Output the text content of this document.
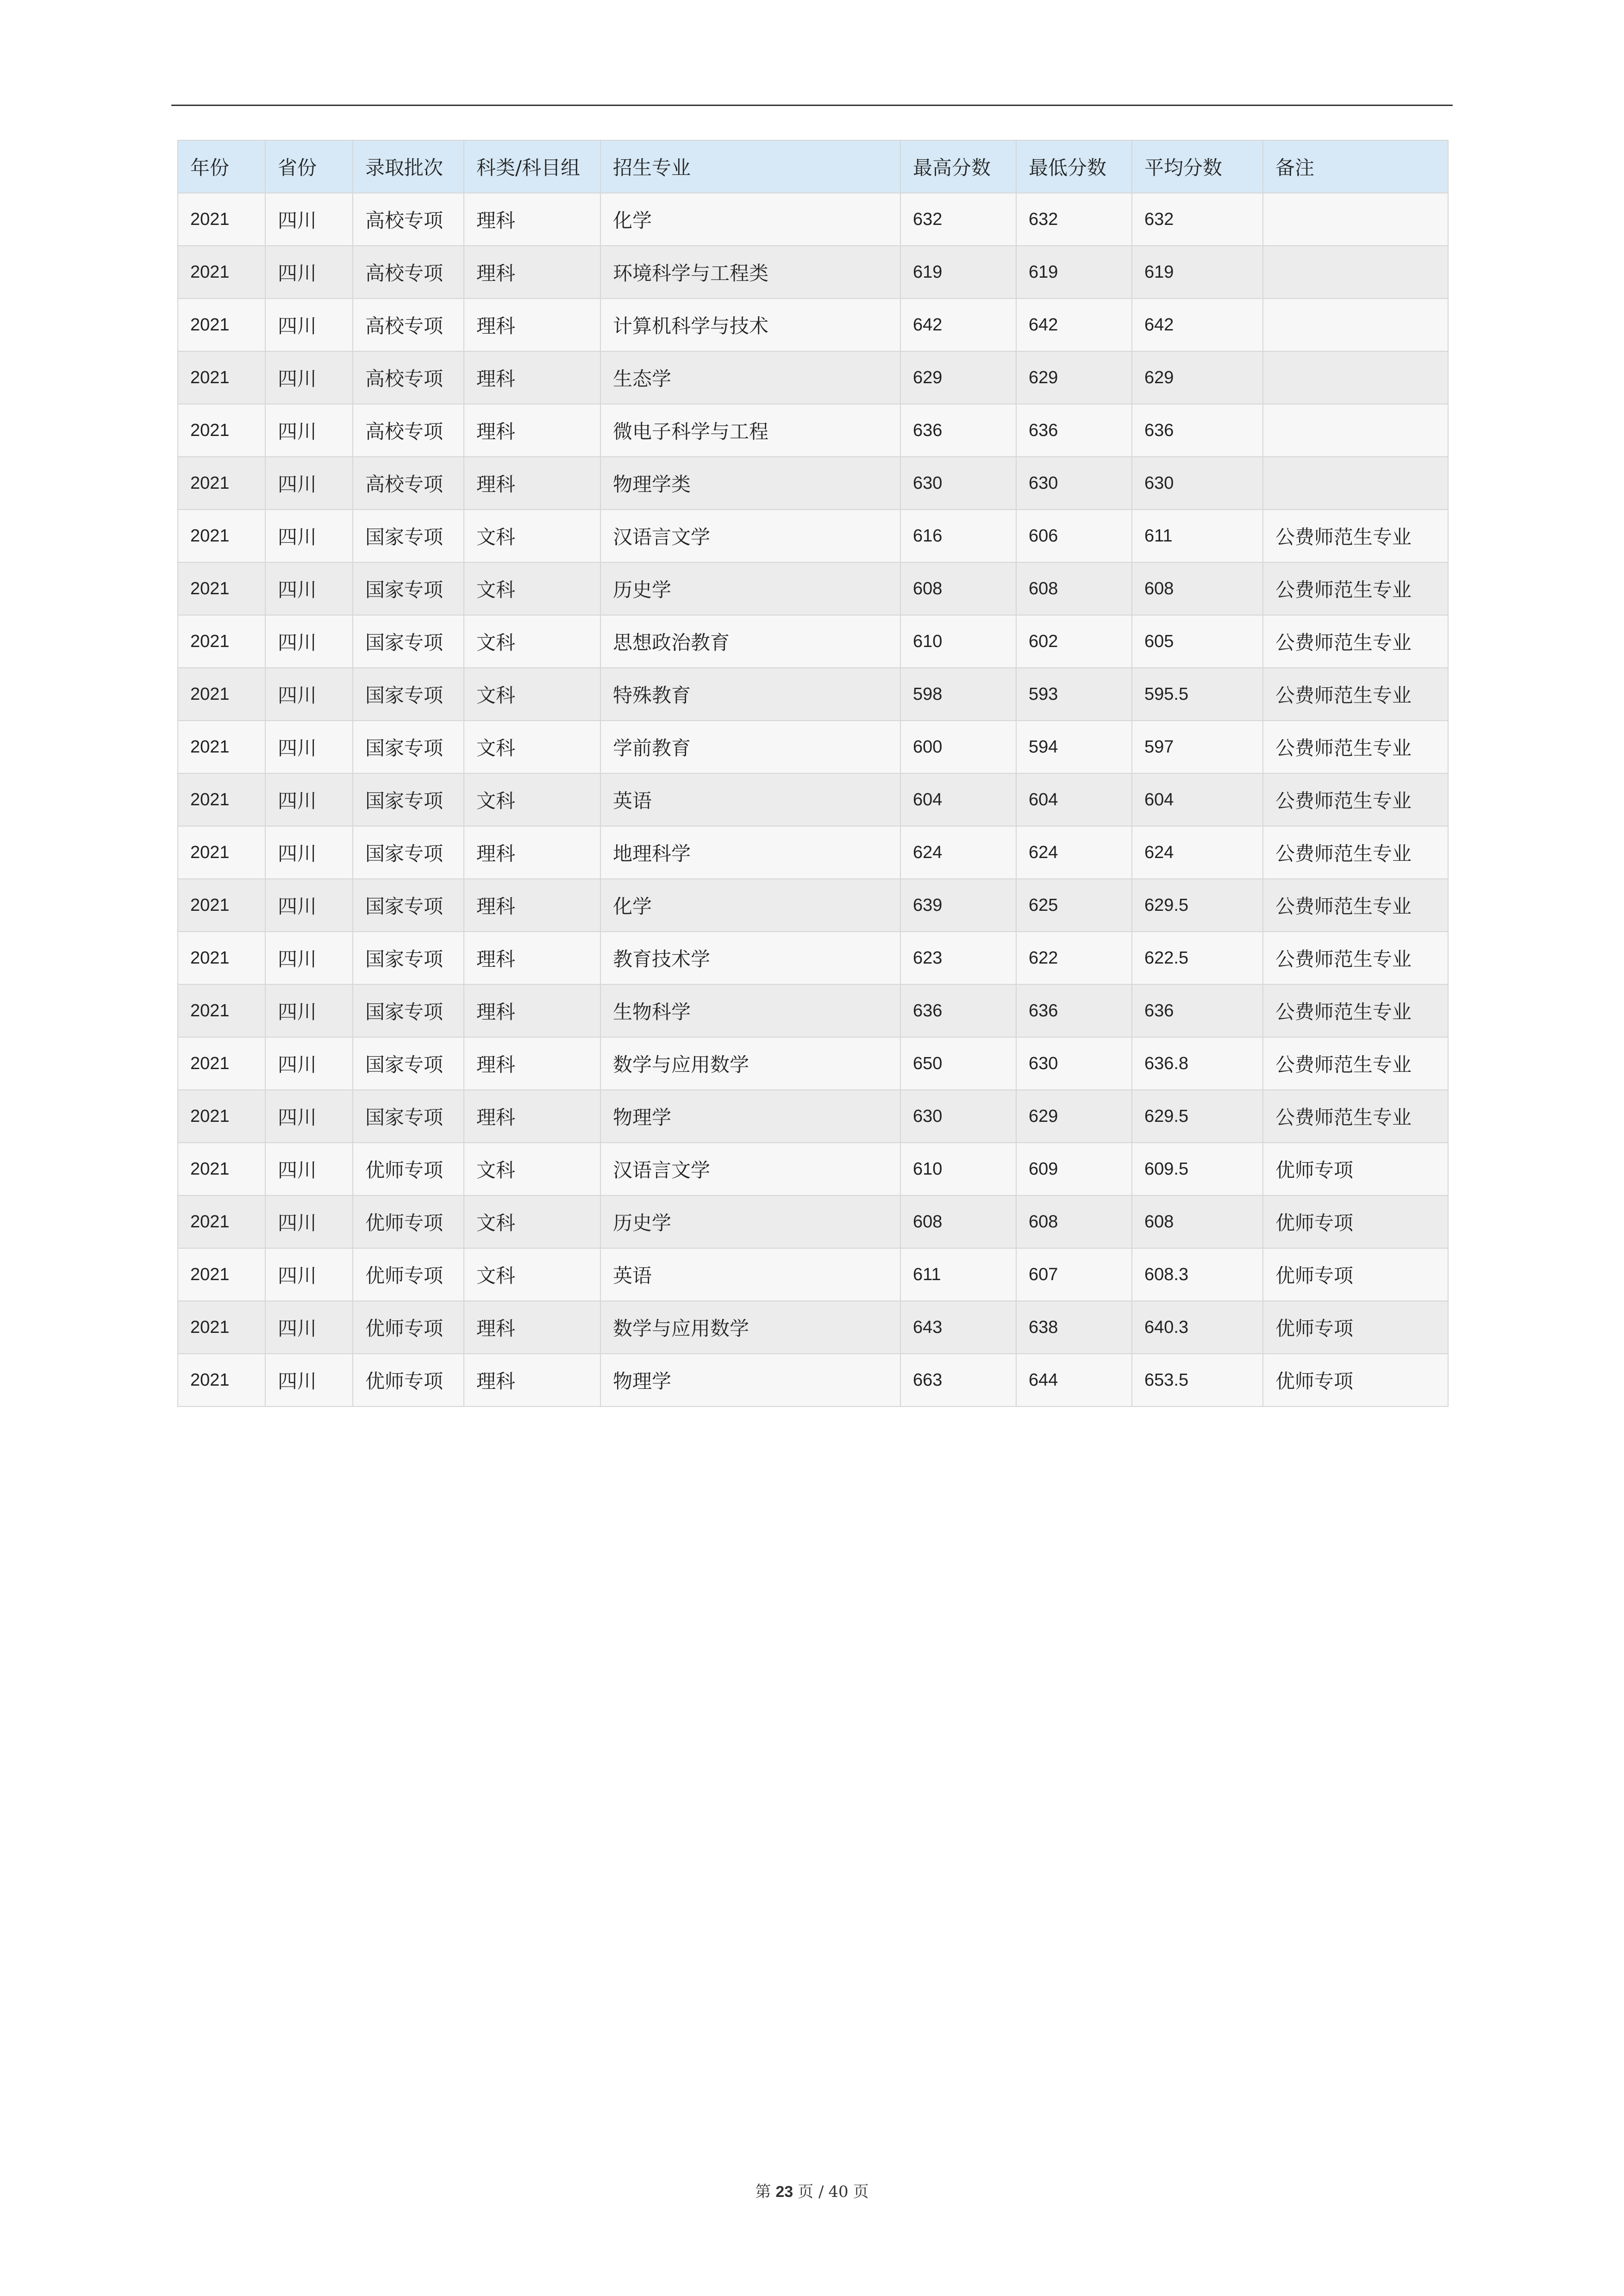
年份	省份	录取批次	科类/科目组	招生专业	最高分数	最低分数	平均分数	备注
2021	四川	高校专项	理科	化学	632	632	632	
2021	四川	高校专项	理科	环境科学与工程类	619	619	619	
2021	四川	高校专项	理科	计算机科学与技术	642	642	642	
2021	四川	高校专项	理科	生态学	629	629	629	
2021	四川	高校专项	理科	微电子科学与工程	636	636	636	
2021	四川	高校专项	理科	物理学类	630	630	630	
2021	四川	国家专项	文科	汉语言文学	616	606	611	公费师范生专业
2021	四川	国家专项	文科	历史学	608	608	608	公费师范生专业
2021	四川	国家专项	文科	思想政治教育	610	602	605	公费师范生专业
2021	四川	国家专项	文科	特殊教育	598	593	595.5	公费师范生专业
2021	四川	国家专项	文科	学前教育	600	594	597	公费师范生专业
2021	四川	国家专项	文科	英语	604	604	604	公费师范生专业
2021	四川	国家专项	理科	地理科学	624	624	624	公费师范生专业
2021	四川	国家专项	理科	化学	639	625	629.5	公费师范生专业
2021	四川	国家专项	理科	教育技术学	623	622	622.5	公费师范生专业
2021	四川	国家专项	理科	生物科学	636	636	636	公费师范生专业
2021	四川	国家专项	理科	数学与应用数学	650	630	636.8	公费师范生专业
2021	四川	国家专项	理科	物理学	630	629	629.5	公费师范生专业
2021	四川	优师专项	文科	汉语言文学	610	609	609.5	优师专项
2021	四川	优师专项	文科	历史学	608	608	608	优师专项
2021	四川	优师专项	文科	英语	611	607	608.3	优师专项
2021	四川	优师专项	理科	数学与应用数学	643	638	640.3	优师专项
2021	四川	优师专项	理科	物理学	663	644	653.5	优师专项
第 23 页 / 40 页
